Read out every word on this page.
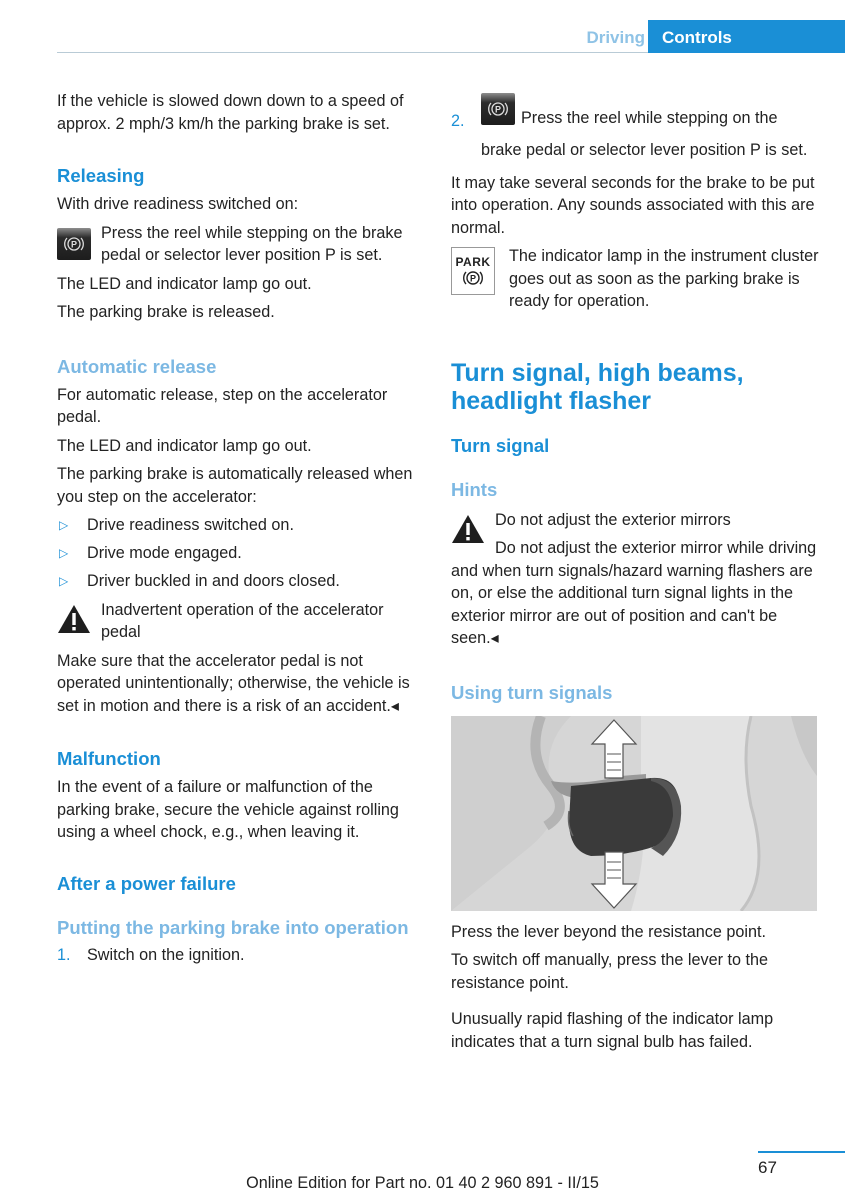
Driving	Controls

If the vehicle is slowed down down to a speed of approx. 2 mph/3 km/h the parking brake is set.

Releasing

With drive readiness switched on:

P

Press the reel while stepping on the brake pedal or selector lever position P is set.

The LED and indicator lamp go out.

The parking brake is released.

Automatic release

For automatic release, step on the accelerator pedal.

The LED and indicator lamp go out.

The parking brake is automatically released when you step on the accelerator:

▷ Drive readiness switched on.
▷ Drive mode engaged.
▷ Driver buckled in and doors closed.

Inadvertent operation of the accelerator pedal

Make sure that the accelerator pedal is not operated unintentionally; otherwise, the vehicle is set in motion and there is a risk of an accident.◂

Malfunction

In the event of a failure or malfunction of the parking brake, secure the vehicle against rolling using a wheel chock, e.g., when leaving it.

After a power failure
Putting the parking brake into operation

1. Switch on the ignition.

2.
P Press the reel while stepping on the brake pedal or selector lever position P is set.

It may take several seconds for the brake to be put into operation. Any sounds associated with this are normal.

PARK
P

The indicator lamp in the instrument cluster goes out as soon as the parking brake is ready for operation.

Turn signal, high beams, headlight flasher
Turn signal
Hints

Do not adjust the exterior mirrors

Do not adjust the exterior mirror while driving and when turn signals/hazard warning flashers are on, or else the additional turn signal lights in the exterior mirror are out of position and can't be seen.◂

Using turn signals

Press the lever beyond the resistance point.

To switch off manually, press the lever to the resistance point.

Unusually rapid flashing of the indicator lamp indicates that a turn signal bulb has failed.

67
Online Edition for Part no. 01 40 2 960 891 - II/15
